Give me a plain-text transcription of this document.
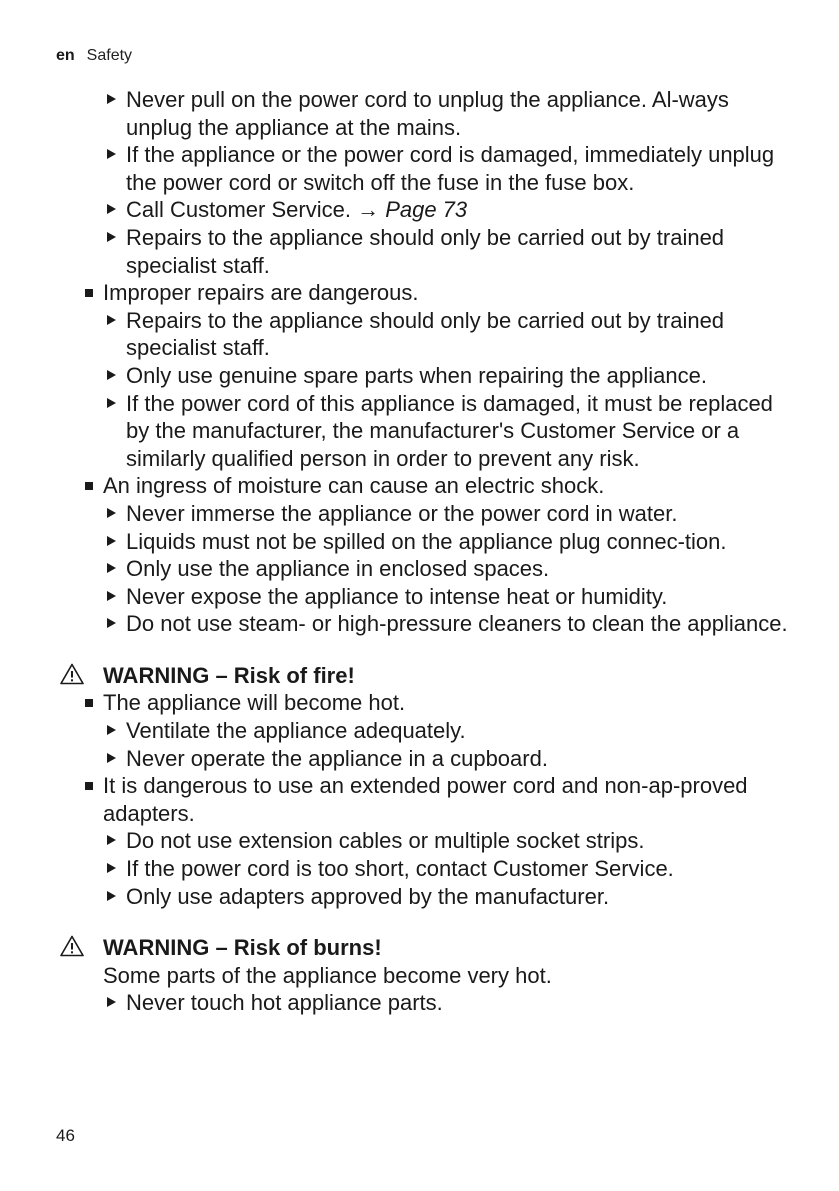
en Safety
Never pull on the power cord to unplug the appliance. Al-ways unplug the appliance at the mains.
If the appliance or the power cord is damaged, immediately unplug the power cord or switch off the fuse in the fuse box.
Call Customer Service. → Page 73
Repairs to the appliance should only be carried out by trained specialist staff.
Improper repairs are dangerous.
Repairs to the appliance should only be carried out by trained specialist staff.
Only use genuine spare parts when repairing the appliance.
If the power cord of this appliance is damaged, it must be replaced by the manufacturer, the manufacturer's Customer Service or a similarly qualified person in order to prevent any risk.
An ingress of moisture can cause an electric shock.
Never immerse the appliance or the power cord in water.
Liquids must not be spilled on the appliance plug connec-tion.
Only use the appliance in enclosed spaces.
Never expose the appliance to intense heat or humidity.
Do not use steam- or high-pressure cleaners to clean the appliance.
WARNING – Risk of fire!
The appliance will become hot.
Ventilate the appliance adequately.
Never operate the appliance in a cupboard.
It is dangerous to use an extended power cord and non-ap-proved adapters.
Do not use extension cables or multiple socket strips.
If the power cord is too short, contact Customer Service.
Only use adapters approved by the manufacturer.
WARNING – Risk of burns!
Some parts of the appliance become very hot.
Never touch hot appliance parts.
46
